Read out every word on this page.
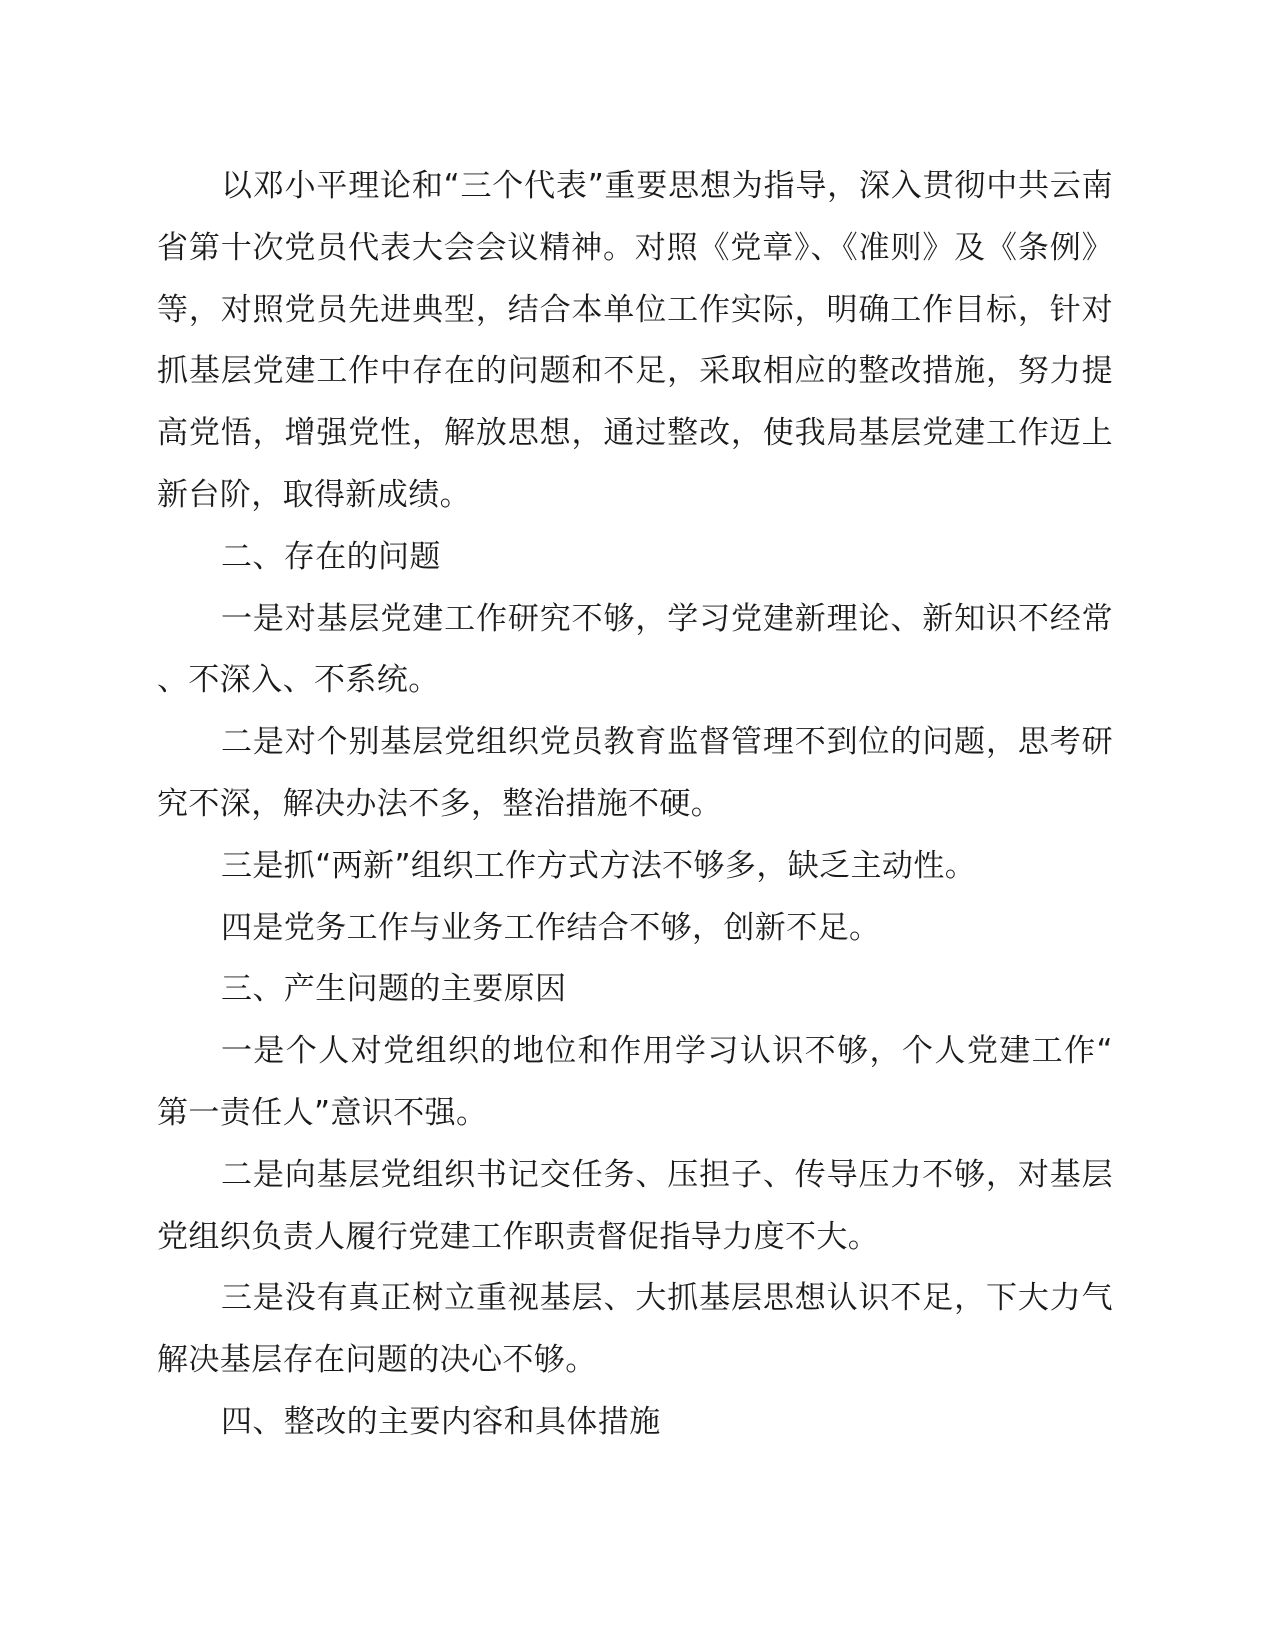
以邓小平理论和“三个代表”重要思想为指导，深入贯彻中共云南省第十次党员代表大会会议精神。对照《党章》、《准则》及《条例》等，对照党员先进典型，结合本单位工作实际，明确工作目标，针对抓基层党建工作中存在的问题和不足，采取相应的整改措施，努力提高党悟，增强党性，解放思想，通过整改，使我局基层党建工作迈上新台阶，取得新成绩。

二、存在的问题

一是对基层党建工作研究不够，学习党建新理论、新知识不经常、不深入、不系统。

二是对个别基层党组织党员教育监督管理不到位的问题，思考研究不深，解决办法不多，整治措施不硬。

三是抓“两新”组织工作方式方法不够多，缺乏主动性。

四是党务工作与业务工作结合不够，创新不足。

三、产生问题的主要原因

一是个人对党组织的地位和作用学习认识不够，个人党建工作“第一责任人”意识不强。

二是向基层党组织书记交任务、压担子、传导压力不够，对基层党组织负责人履行党建工作职责督促指导力度不大。

三是没有真正树立重视基层、大抓基层思想认识不足，下大力气解决基层存在问题的决心不够。

四、整改的主要内容和具体措施
